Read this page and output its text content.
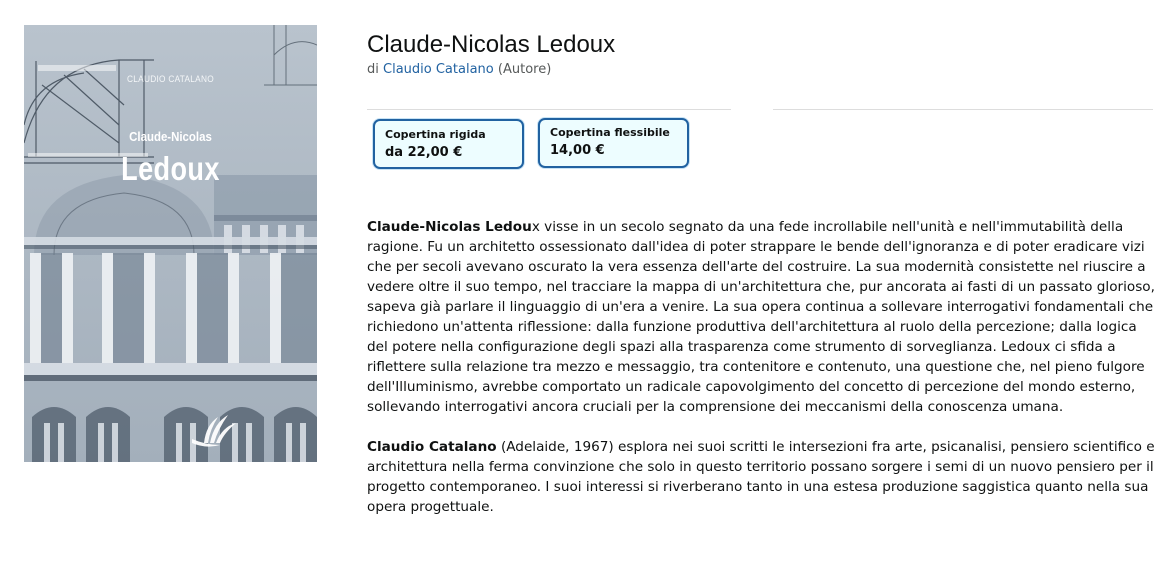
CLAUDIO CATALANO
Claude-Nicolas
Ledoux
Claude-Nicolas Ledoux
di Claudio Catalano (Autore)
Copertina rigida
da 22,00 €
Copertina flessibile
14,00 €

Claude-Nicolas Ledoux visse in un secolo segnato da una fede incrollabile nell'unità e nell'immutabilità della ragione. Fu un architetto ossessionato dall'idea di poter strappare le bende dell'ignoranza e di poter eradicare vizi che per secoli avevano oscurato la vera essenza dell'arte del costruire. La sua modernità consistette nel riuscire a vedere oltre il suo tempo, nel tracciare la mappa di un'architettura che, pur ancorata ai fasti di un passato glorioso, sapeva già parlare il linguaggio di un'era a venire. La sua opera continua a sollevare interrogativi fondamentali che richiedono un'attenta riflessione: dalla funzione produttiva dell'architettura al ruolo della percezione; dalla logica del potere nella configurazione degli spazi alla trasparenza come strumento di sorveglianza. Ledoux ci sfida a riflettere sulla relazione tra mezzo e messaggio, tra contenitore e contenuto, una questione che, nel pieno fulgore dell'Illuminismo, avrebbe comportato un radicale capovolgimento del concetto di percezione del mondo esterno, sollevando interrogativi ancora cruciali per la comprensione dei meccanismi della conoscenza umana.

Claudio Catalano (Adelaide, 1967) esplora nei suoi scritti le intersezioni fra arte, psicanalisi, pensiero scientifico e architettura nella ferma convinzione che solo in questo territorio possano sorgere i semi di un nuovo pensiero per il progetto contemporaneo. I suoi interessi si riverberano tanto in una estesa produzione saggistica quanto nella sua opera progettuale.
